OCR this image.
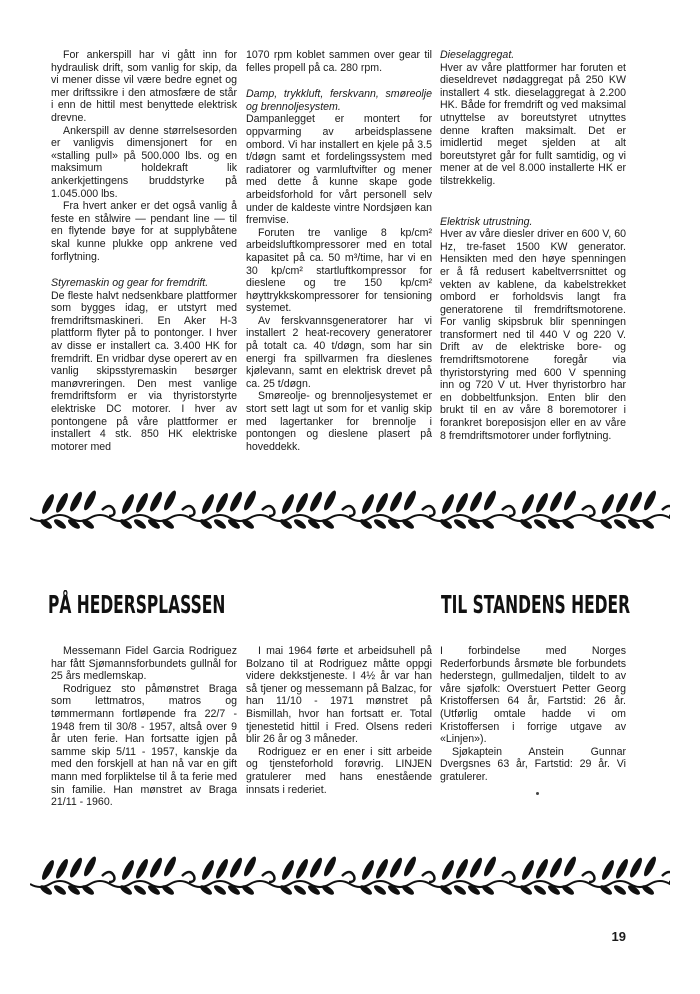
For ankerspill har vi gått inn for hydraulisk drift, som vanlig for skip, da vi mener disse vil være bedre egnet og mer driftssikre i den atmosfære de står i enn de hittil mest benyttede elektrisk drevne.

Ankerspill av denne størrelsesorden er vanligvis dimensjonert for en «stalling pull» på 500.000 lbs. og en maksimum holdekraft lik ankerkjettingens bruddstyrke på 1.045.000 lbs.

Fra hvert anker er det også vanlig å feste en stålwire — pendant line — til en flytende bøye for at supplybåtene skal kunne plukke opp ankrene ved forflytning.

Styremaskin og gear for fremdrift.

De fleste halvt nedsenkbare plattformer som bygges idag, er utstyrt med fremdriftsmaskineri. En Aker H-3 plattform flyter på to pontonger. I hver av disse er installert ca. 3.400 HK for fremdrift. En vridbar dyse operert av en vanlig skipsstyremaskin besørger manøvreringen. Den mest vanlige fremdriftsform er via thyristorstyrte elektriske DC motorer. I hver av pontongene på våre plattformer er installert 4 stk. 850 HK elektriske motorer med

1070 rpm koblet sammen over gear til felles propell på ca. 280 rpm.

Damp, trykkluft, ferskvann, smøreolje og brennoljesystem.

Dampanlegget er montert for oppvarming av arbeidsplassene ombord. Vi har installert en kjele på 3.5 t/døgn samt et fordelingssystem med radiatorer og varmluftvifter og mener med dette å kunne skape gode arbeidsforhold for vårt personell selv under de kaldeste vintre Nordsjøen kan fremvise.

Foruten tre vanlige 8 kp/cm² arbeidsluftkompressorer med en total kapasitet på ca. 50 m³/time, har vi en 30 kp/cm² startluftkompressor for dieslene og tre 150 kp/cm² høyttrykkskompressorer for tensioning systemet.

Av ferskvannsgeneratorer har vi installert 2 heat-recovery generatorer på totalt ca. 40 t/døgn, som har sin energi fra spillvarmen fra dieslenes kjølevann, samt en elektrisk drevet på ca. 25 t/døgn.

Smøreolje- og brennoljesystemet er stort sett lagt ut som for et vanlig skip med lagertanker for brennolje i pontongen og dieslene plasert på hoveddekk.

Dieselaggregat.

Hver av våre plattformer har foruten et dieseldrevet nødaggregat på 250 KW installert 4 stk. dieselaggregat à 2.200 HK. Både for fremdrift og ved maksimal utnyttelse av boreutstyret utnyttes denne kraften maksimalt. Det er imidlertid meget sjelden at alt boreutstyret går for fullt samtidig, og vi mener at de vel 8.000 installerte HK er tilstrekkelig.

Elektrisk utrustning.

Hver av våre diesler driver en 600 V, 60 Hz, tre-faset 1500 KW generator. Hensikten med den høye spenningen er å få redusert kabeltverrsnittet og vekten av kablene, da kabelstrekket ombord er forholdsvis langt fra generatorene til fremdriftsmotorene. For vanlig skipsbruk blir spenningen transformert ned til 440 V og 220 V. Drift av de elektriske bore- og fremdriftsmotorene foregår via thyristorstyring med 600 V spenning inn og 720 V ut. Hver thyristorbro har en dobbeltfunksjon. Enten blir den brukt til en av våre 8 boremotorer i forankret boreposisjon eller en av våre 8 fremdriftsmotorer under forflytning.

PÅ HEDERSPLASSEN	TIL STANDENS HEDER

Messemann Fidel Garcia Rodriguez har fått Sjømannsforbundets gullnål for 25 års medlemskap.

Rodriguez sto påmønstret Braga som lettmatros, matros og tømmermann fortløpende fra 22/7 - 1948 frem til 30/8 - 1957, altså over 9 år uten ferie. Han fortsatte igjen på samme skip 5/11 - 1957, kanskje da med den forskjell at han nå var en gift mann med forpliktelse til å ta ferie med sin familie. Han mønstret av Braga 21/11 - 1960.

I mai 1964 førte et arbeidsuhell på Bolzano til at Rodriguez måtte oppgi videre dekkstjeneste. I 4½ år var han så tjener og messemann på Balzac, for han 11/10 - 1971 mønstret på Bismillah, hvor han fortsatt er. Total tjenestetid hittil i Fred. Olsens rederi blir 26 år og 3 måneder.

Rodriguez er en ener i sitt arbeide og tjensteforhold forøvrig. LINJEN gratulerer med hans enestående innsats i rederiet.

I forbindelse med Norges Rederforbunds årsmøte ble forbundets hederstegn, gullmedaljen, tildelt to av våre sjøfolk: Overstuert Petter Georg Kristoffersen 64 år, Fartstid: 26 år. (Utførlig omtale hadde vi om Kristoffersen i forrige utgave av «Linjen»).

Sjøkaptein Anstein Gunnar Dvergsnes 63 år, Fartstid: 29 år. Vi gratulerer.

19
